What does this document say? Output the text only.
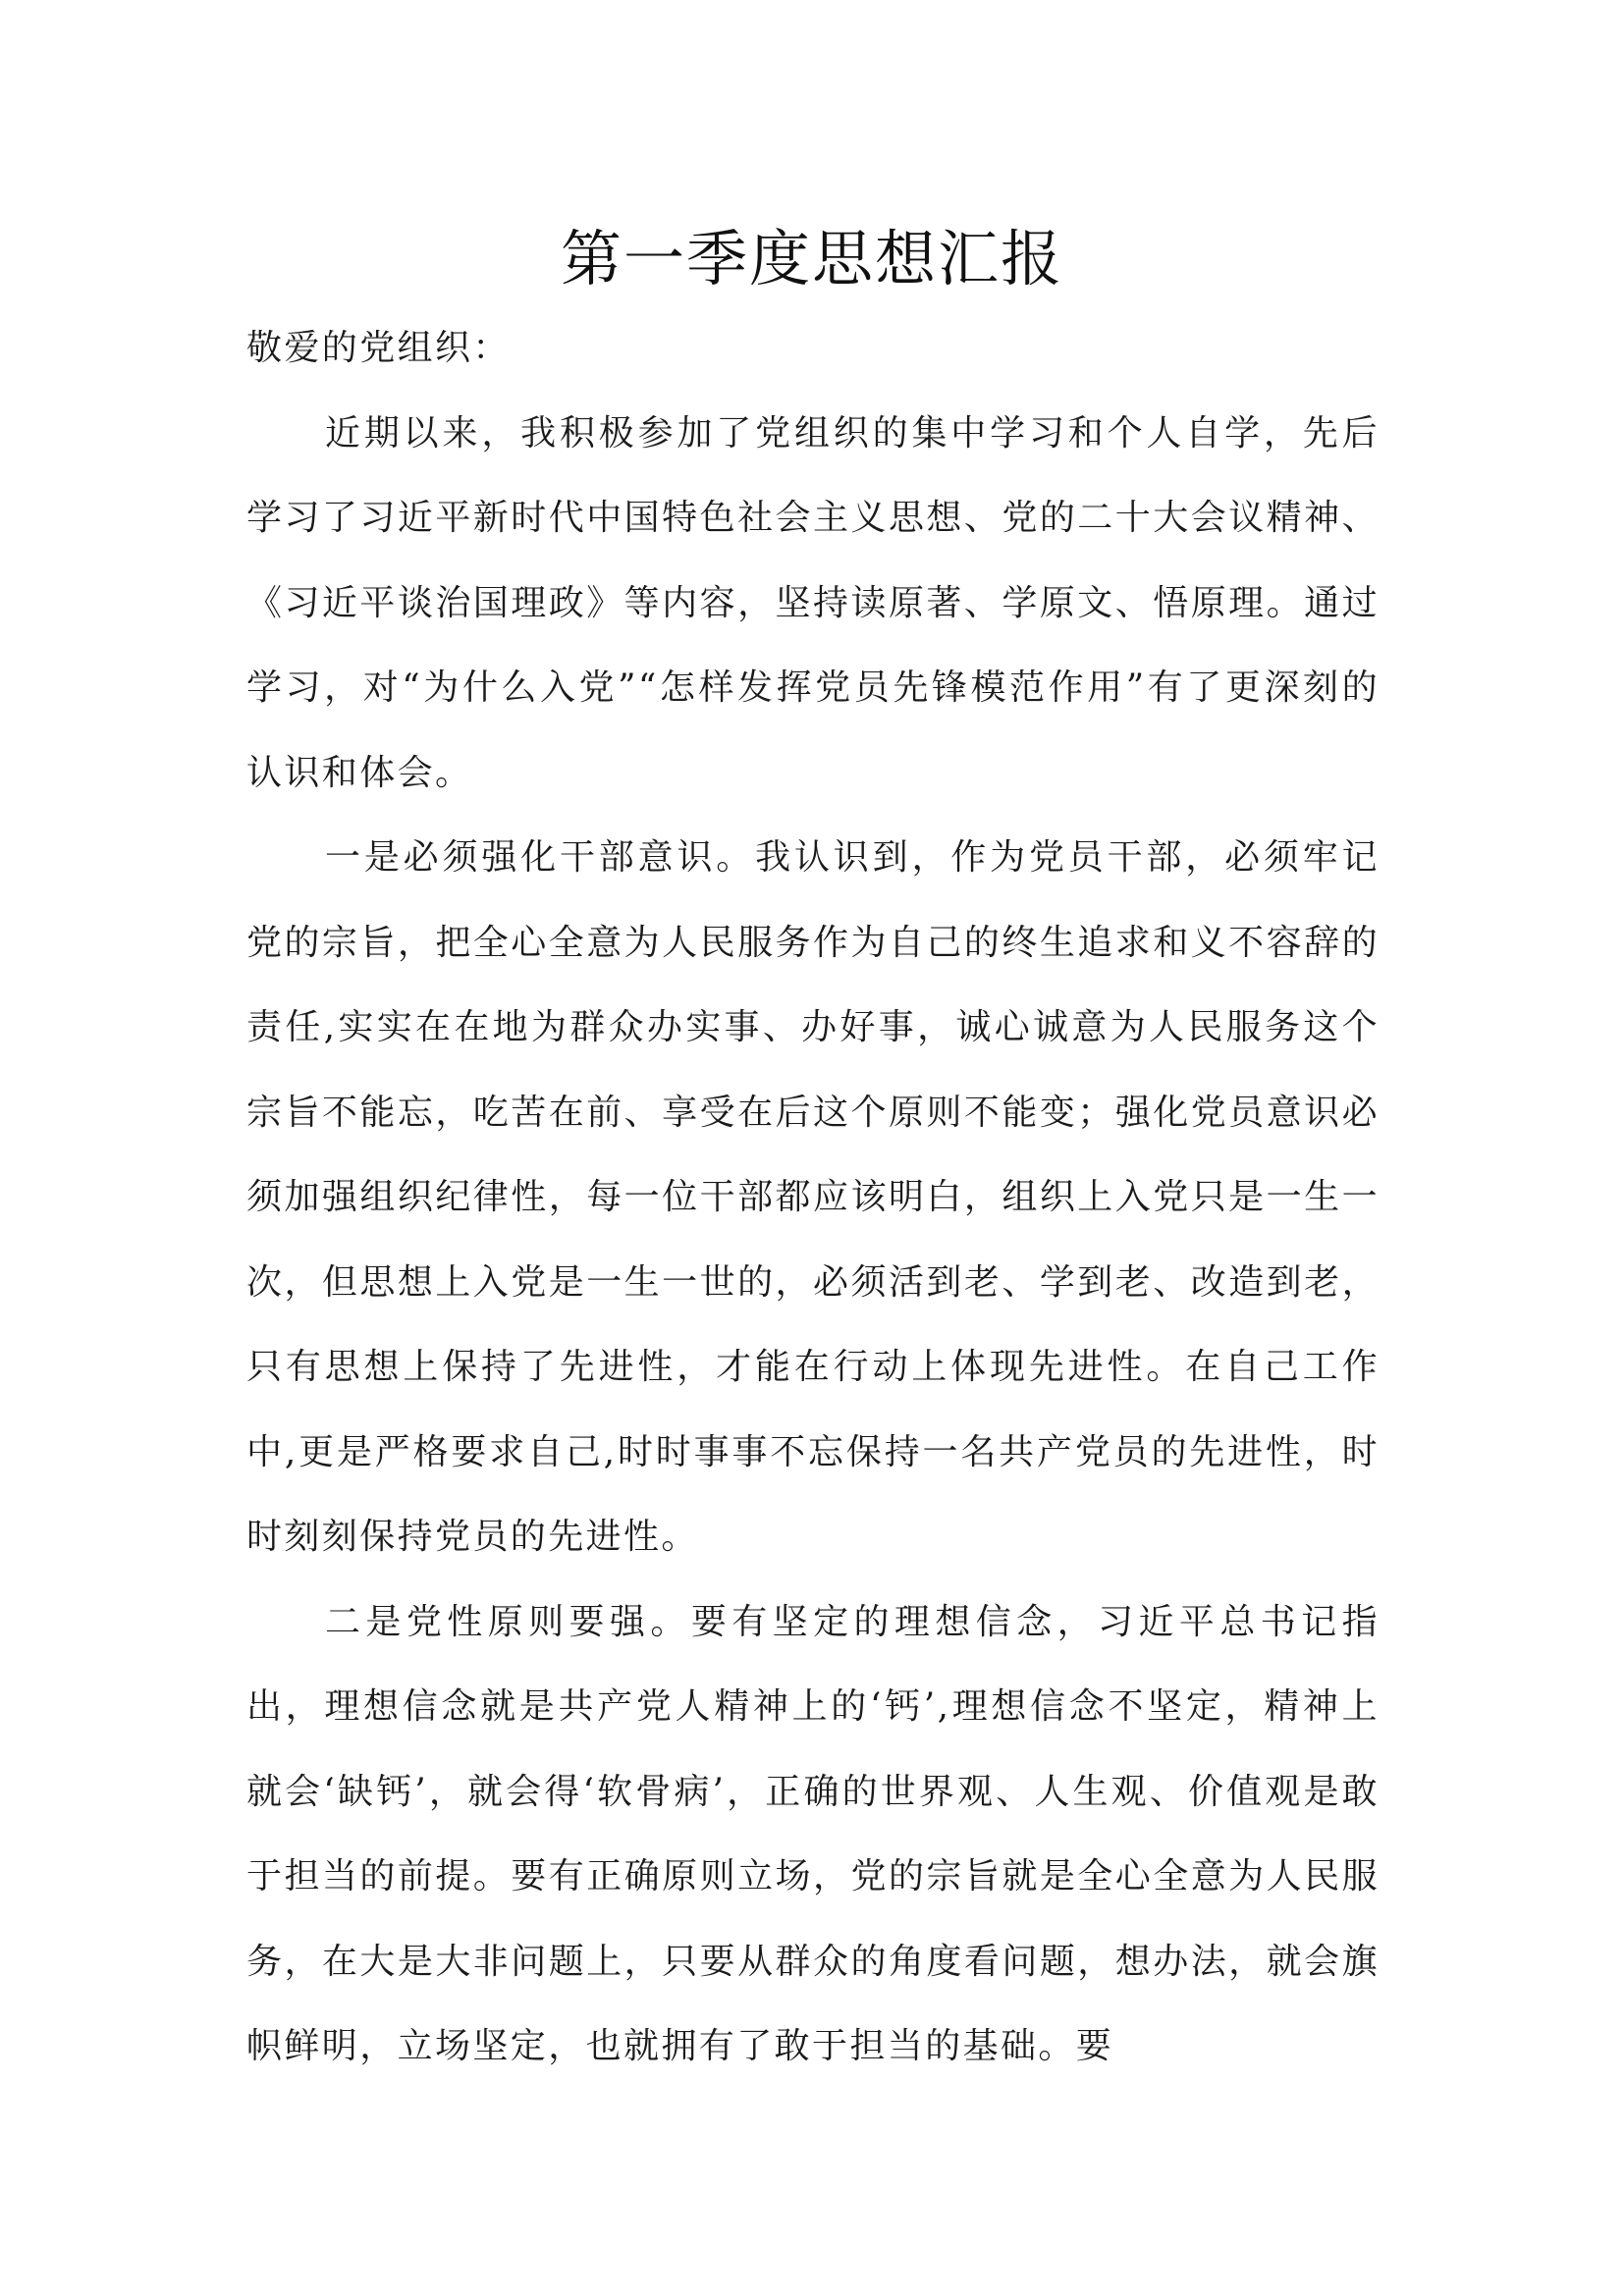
第一季度思想汇报

敬爱的党组织：

近期以来，我积极参加了党组织的集中学习和个人自学，先后学习了习近平新时代中国特色社会主义思想、党的二十大会议精神、《习近平谈治国理政》等内容，坚持读原著、学原文、悟原理。通过学习，对“为什么入党”“怎样发挥党员先锋模范作用”有了更深刻的认识和体会。

一是必须强化干部意识。我认识到，作为党员干部，必须牢记党的宗旨，把全心全意为人民服务作为自己的终生追求和义不容辞的责任,实实在在地为群众办实事、办好事，诚心诚意为人民服务这个宗旨不能忘，吃苦在前、享受在后这个原则不能变；强化党员意识必须加强组织纪律性，每一位干部都应该明白，组织上入党只是一生一次，但思想上入党是一生一世的，必须活到老、学到老、改造到老，只有思想上保持了先进性，才能在行动上体现先进性。在自己工作中,更是严格要求自己,时时事事不忘保持一名共产党员的先进性，时时刻刻保持党员的先进性。

二是党性原则要强。要有坚定的理想信念，习近平总书记指出，理想信念就是共产党人精神上的‘钙’,理想信念不坚定，精神上就会‘缺钙’，就会得‘软骨病’，正确的世界观、人生观、价值观是敢于担当的前提。要有正确原则立场，党的宗旨就是全心全意为人民服务，在大是大非问题上，只要从群众的角度看问题，想办法，就会旗帜鲜明，立场坚定，也就拥有了敢于担当的基础。要
